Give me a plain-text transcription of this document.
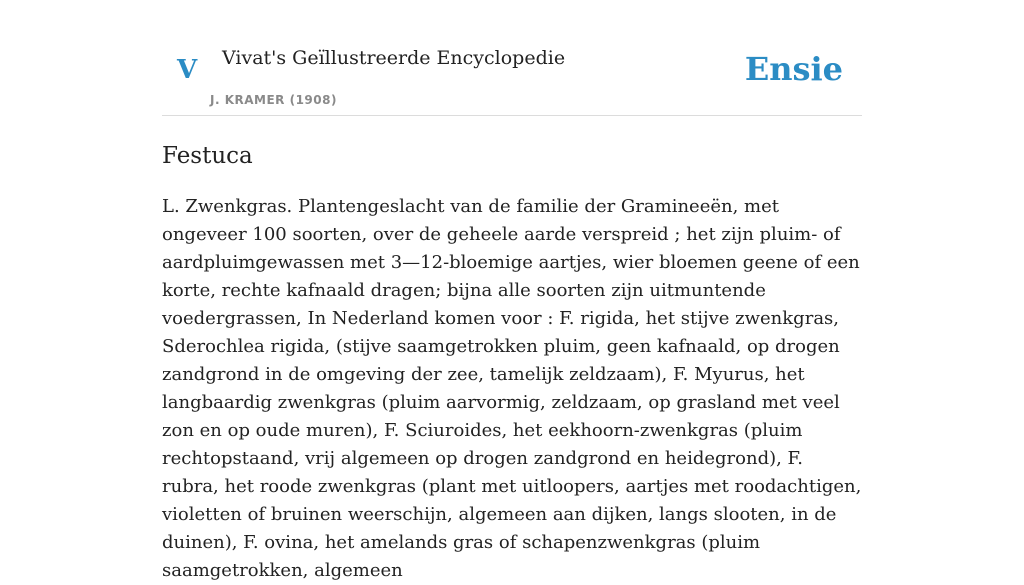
V Vivat's Geïllustreerde Encyclopedie
J. KRAMER (1908)
Ensie
Festuca

L. Zwenkgras. Plantengeslacht van de familie der Gramineeën, met ongeveer 100 soorten, over de geheele aarde verspreid ; het zijn pluim- of aardpluimgewassen met 3—12-bloemige aartjes, wier bloemen geene of een korte, rechte kafnaald dragen; bijna alle soorten zijn uitmuntende voedergrassen, In Nederland komen voor : F. rigida, het stijve zwenkgras, Sderochlea rigida, (stijve saamgetrokken pluim, geen kafnaald, op drogen zandgrond in de omgeving der zee, tamelijk zeldzaam), F. Myurus, het langbaardig zwenkgras (pluim aarvormig, zeldzaam, op grasland met veel zon en op oude muren), F. Sciuroides, het eekhoorn-zwenkgras (pluim rechtopstaand, vrij algemeen op drogen zandgrond en heidegrond), F. rubra, het roode zwenkgras (plant met uitloopers, aartjes met roodachtigen, violetten of bruinen weerschijn, algemeen aan dijken, langs slooten, in de duinen), F. ovina, het amelands gras of schapenzwenkgras (pluim saamgetrokken, algemeen
